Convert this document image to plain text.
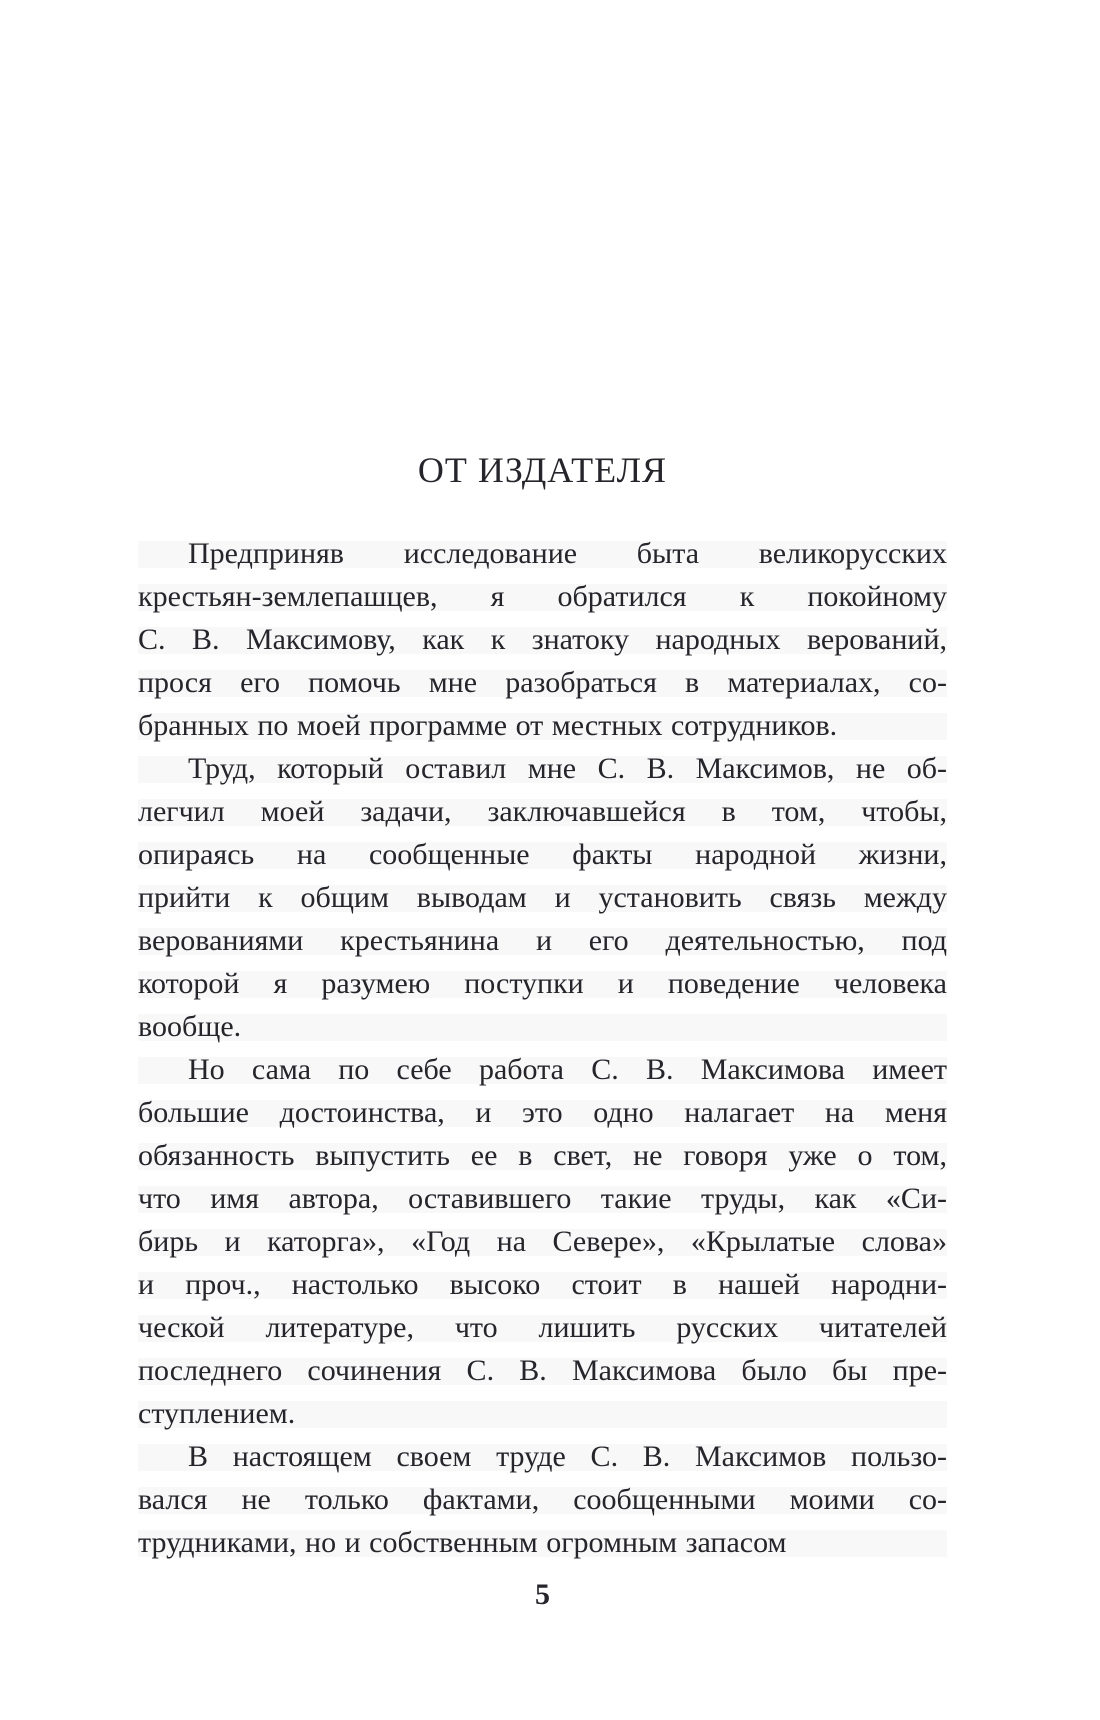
ОТ ИЗДАТЕЛЯ
Предприняв исследование быта великорусских
крестьян-землепашцев, я обратился к покойному
С. В. Максимову, как к знатоку народных верований,
прося его помочь мне разобраться в материалах, со-
бранных по моей программе от местных сотрудников.
Труд, который оставил мне С. В. Максимов, не об-
легчил моей задачи, заключавшейся в том, чтобы,
опираясь на сообщенные факты народной жизни,
прийти к общим выводам и установить связь между
верованиями крестьянина и его деятельностью, под
которой я разумею поступки и поведение человека
вообще.
Но сама по себе работа С. В. Максимова имеет
большие достоинства, и это одно налагает на меня
обязанность выпустить ее в свет, не говоря уже о том,
что имя автора, оставившего такие труды, как «Си-
бирь и каторга», «Год на Севере», «Крылатые слова»
и проч., настолько высоко стоит в нашей народни-
ческой литературе, что лишить русских читателей
последнего сочинения С. В. Максимова было бы пре-
ступлением.
В настоящем своем труде С. В. Максимов пользо-
вался не только фактами, сообщенными моими со-
трудниками, но и собственным огромным запасом
5
